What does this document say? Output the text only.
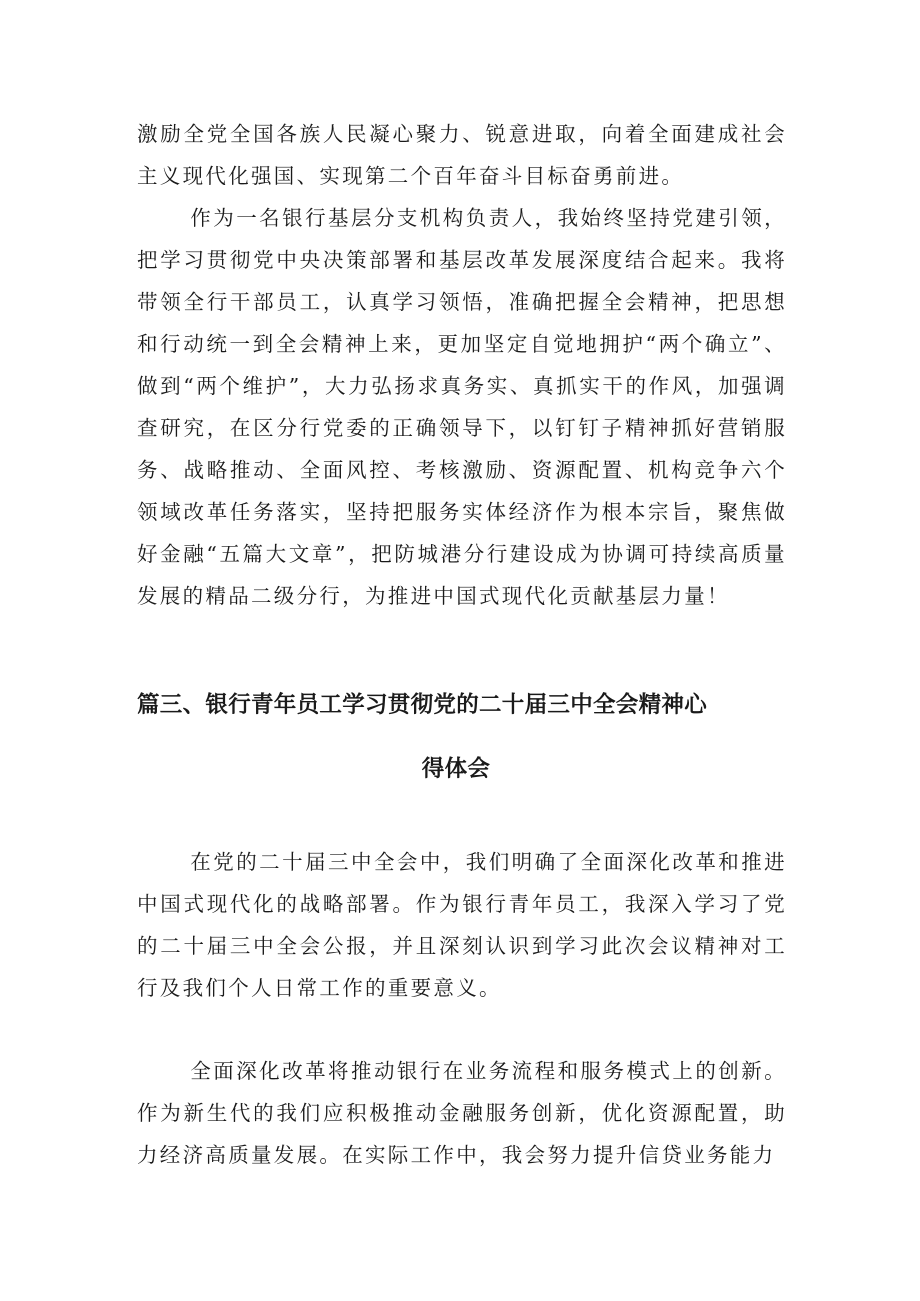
激励全党全国各族人民凝心聚力、锐意进取，向着全面建成社会主义现代化强国、实现第二个百年奋斗目标奋勇前进。

作为一名银行基层分支机构负责人，我始终坚持党建引领，把学习贯彻党中央决策部署和基层改革发展深度结合起来。我将带领全行干部员工，认真学习领悟，准确把握全会精神，把思想和行动统一到全会精神上来，更加坚定自觉地拥护“两个确立”、做到“两个维护”，大力弘扬求真务实、真抓实干的作风，加强调查研究，在区分行党委的正确领导下，以钉钉子精神抓好营销服务、战略推动、全面风控、考核激励、资源配置、机构竞争六个领域改革任务落实，坚持把服务实体经济作为根本宗旨，聚焦做好金融“五篇大文章”，把防城港分行建设成为协调可持续高质量发展的精品二级分行，为推进中国式现代化贡献基层力量！

篇三、银行青年员工学习贯彻党的二十届三中全会精神心
得体会

在党的二十届三中全会中，我们明确了全面深化改革和推进中国式现代化的战略部署。作为银行青年员工，我深入学习了党的二十届三中全会公报，并且深刻认识到学习此次会议精神对工行及我们个人日常工作的重要意义。

全面深化改革将推动银行在业务流程和服务模式上的创新。作为新生代的我们应积极推动金融服务创新，优化资源配置，助力经济高质量发展。在实际工作中，我会努力提升信贷业务能力
